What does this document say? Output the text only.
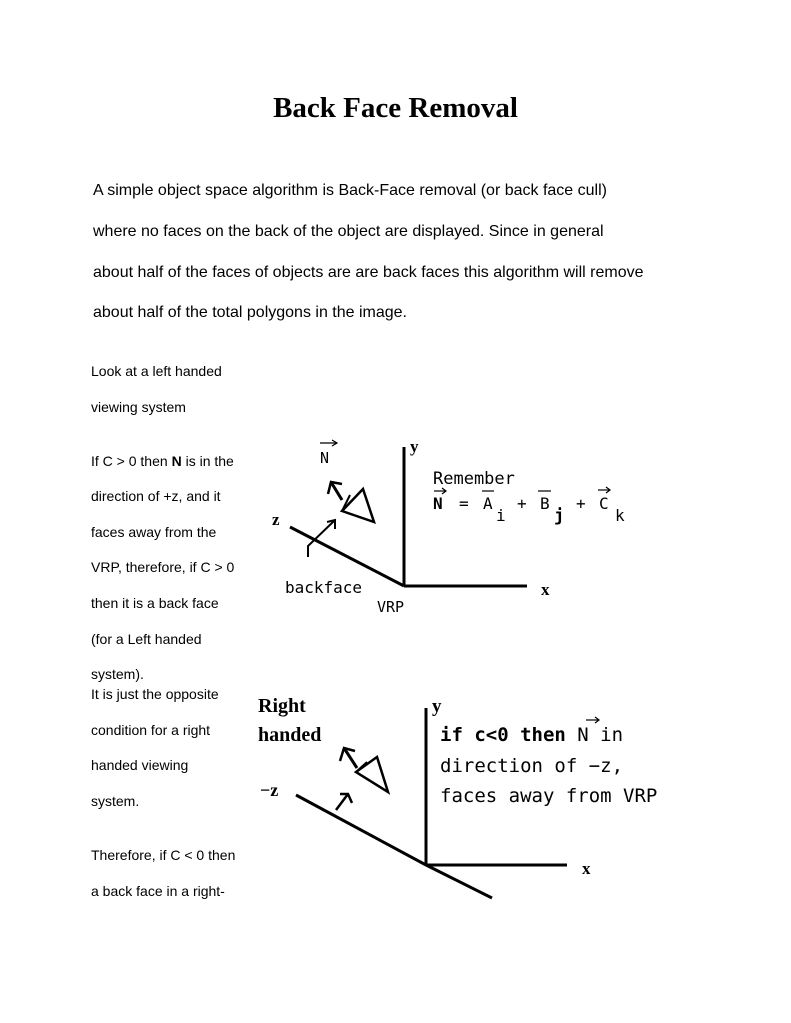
Back Face Removal
A simple object space algorithm is Back-Face removal (or back face cull)
where no faces on the back of the object are displayed. Since in general
about half of the faces of objects are are back faces this algorithm will remove
about half of the total polygons in the image.
Look at a left handed
viewing system
If C > 0 then N is in the
direction of +z, and it
faces away from the
VRP, therefore, if C > 0
then it is a back face
(for a Left handed
system).
It is just the opposite
condition for a right
handed viewing
system.
Therefore, if C < 0 then
a back face in a right-
N
y
z
x
backface
VRP
Remember
N = A
i
+ B
j
+ C
k
Right
handed
y
−z
x
if c<0 then N in
direction of −z,
faces away from VRP
